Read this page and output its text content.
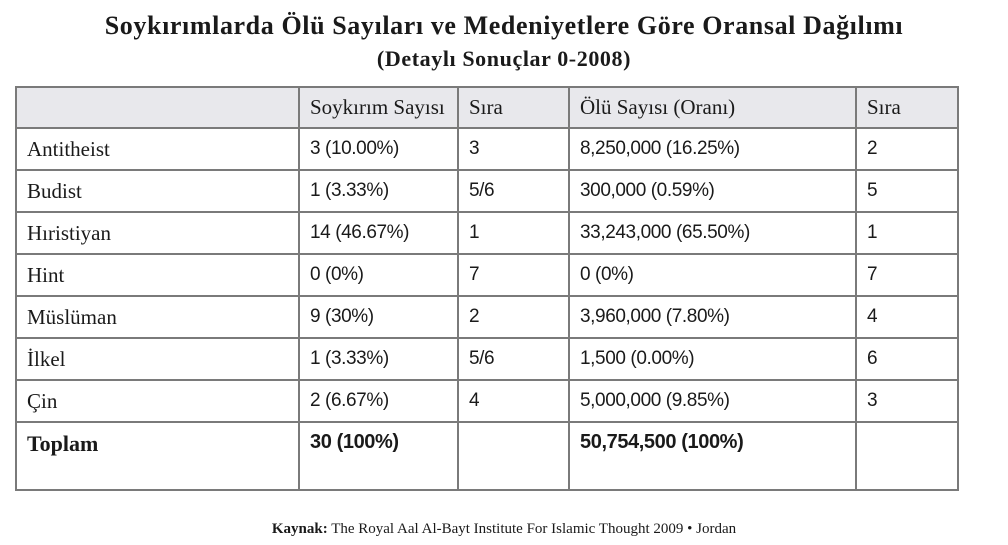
Soykırımlarda Ölü Sayıları ve Medeniyetlere Göre Oransal Dağılımı
(Detaylı Sonuçlar 0-2008)
	Soykırım Sayısı	Sıra	Ölü Sayısı (Oranı)	Sıra
Antitheist	3 (10.00%)	3	8,250,000 (16.25%)	2
Budist	1 (3.33%)	5/6	300,000 (0.59%)	5
Hıristiyan	14 (46.67%)	1	33,243,000 (65.50%)	1
Hint	0 (0%)	7	0 (0%)	7
Müslüman	9 (30%)	2	3,960,000 (7.80%)	4
İlkel	1 (3.33%)	5/6	1,500 (0.00%)	6
Çin	2 (6.67%)	4	5,000,000 (9.85%)	3
Toplam	30 (100%)		50,754,500 (100%)	
Kaynak: The Royal Aal Al-Bayt Institute For Islamic Thought 2009 • Jordan
